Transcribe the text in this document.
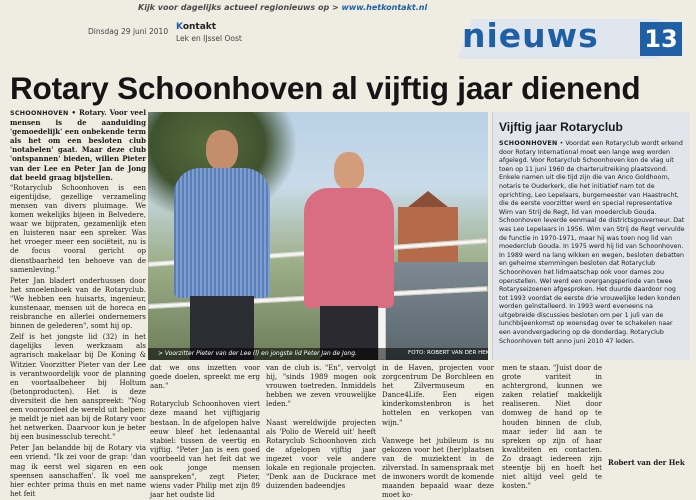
Kijk voor dagelijks actueel regionieuws op > www.hetkontakt.nl
Dinsdag 29 juni 2010 Kontakt
Lek en IJssel Oost	nieuws 13
Rotary Schoonhoven al vijftig jaar dienend

SCHOONHOVEN • Rotary. Voor veel mensen is de aanduiding 'gemoedelijk' een onbekende term als het om een besloten club 'notabelen' gaat. Maar deze club 'ontspannen' bieden, willen Pieter van der Lee en Peter Jan de Jong dat beeld graag bijstellen.

"Rotaryclub Schoonhoven is een eigentijdse, gezellige verzameling mensen van divers pluimage. We komen wekelijks bijeen in Belvedere, waar we bijpraten, gezamenlijk eten en luisteren naar een spreker. Was het vroeger meer een sociëteit, nu is de focus vooral gericht op dienstbaarheid ten behoeve van de samenleving."

Peter Jan bladert onderhussen door het smoelenboek van de Rotaryclub. "We hebben een huisarts, ingenieur, kunstenaar, mensen uit de horeca en reisbranche en allerlei ondernemers binnen de gelederen", somt hij op.

Zelf is het jongste lid (32) in het dagelijks leven werkzaam als agrarisch makelaar bij De Koning & Witzier. Voorzitter Pieter van der Lee is verantwoordelijk voor de planning en voortaalbeheer bij Holtum (betonproducten). Het is deze diversiteit die hen aanspreekt: "Nog een vooroordeel de wereld uit helpen: je meldt je niet aan bij de Rotary voor het netwerken. Daarvoor kun je beter bij een businessclub terecht."

Peter Jan belandde bij de Rotary via een vriend. "Ik zei voor de grap: 'dan mag ik eerst wel sigaren en een speensen aanschaffen'. Ik voel me hier echter prima thuis en met name het feit

> Voorzitter Pieter van der Lee (l) en jongste lid Peter Jan de Jong.	FOTO: ROBERT VAN DER HEK
dat we ons inzetten voor goede doelen, spreekt me erg aan."

Rotaryclub Schoonhoven viert deze maand het vijftigjarig bestaan. In de afgelopen halve eeuw bleef het ledenaantal stabiel: tussen de veertig en vijftig. "Peter Jan is een goed voorbeeld van het feit dat we ook jonge mensen aanspreken", zegt Pieter, wiens vader Philip met zijn 89 jaar het oudste lid
van de club is. "En", vervolgt hij, "sinds 1989 mogen ook vrouwen toetreden. Inmiddels hebben we zeven vrouwelijke leden."

Naast wereldwijde projecten als 'Polio de Wereld uit' heeft Rotaryclub Schoonhoven zich de afgelopen vijftig jaar ingezet voor vele andere lokale en regionale projecten. "Denk aan de Duckrace met duizenden badeendjes
in de Haven, projecten voor zorgcentrum De Borchleen en het Zilvermuseum en Dance4Life. Een eigen kinderkomstenbron is het hottelen en verkopen van wijn."

Vanwege het jubileum is nu gekozen voor het (her)plaatsen van de muziektent in de zilverstad. In samenspraak met de inwoners wordt de komende maanden bepaald waar deze moet ko-
men te staan. "Juist door de grote variteit in achtergrond, kunnen we zaken relatief makkelijk realiseren. Niet door domweg de hand op te houden binnen de club, maar ieder lid aan te spreken op zijn of haar kwaliteiten en contacten. Zo draagt iedereen zijn steentje bij en hoeft het niet altijd veel geld te kosten."
Vijftig jaar Rotaryclub
SCHOONHOVEN • Voordat een Rotaryclub wordt erkend door Rotary International moet een lange weg worden afgelegd. Voor Rotaryclub Schoonhoven kon de vlag uit toen op 11 juni 1960 de charteruitreiking plaatsvond. Enkele namen uit die tijd zijn die van Anco Goldhoorn, notaris te Ouderkerk, die het initiatief nam tot de oprichting, Leo Lepelaars, burgemeester van Haastrecht, die de eerste voorzitter werd en special representative Wim van Strij de Regt, lid van moederclub Gouda. Schoonhoven leverde eenmaal de districtsgouverneur. Dat was Leo Lepelaars in 1956. Wim van Strij de Regt vervulde de functie in 1970-1971, maar hij was toen nog lid van moederclub Gouda. In 1975 werd hij lid van Schoonhoven. In 1989 werd na lang wikken en wegen, besloten debatten en geheime stemmingen besloten dat Rotaryclub Schoonhoven het lidmaatschap ook voor dames zou openstellen. Wel werd een overgangsperiode van twee Rotaryseizoenen afgesproken. Het duurde daardoor nog tot 1993 voordat de eerste drie vrouwelijke leden konden worden geïnstalleerd. In 1993 werd eveneens na uitgebreide discussies besloten om per 1 juli van de lunchbijeenkomst op woensdag over te schakelen naar een avondvergadering op de donderdag. Rotaryclub Schoonhoven telt anno juni 2010 47 leden.
Robert van der Hek
